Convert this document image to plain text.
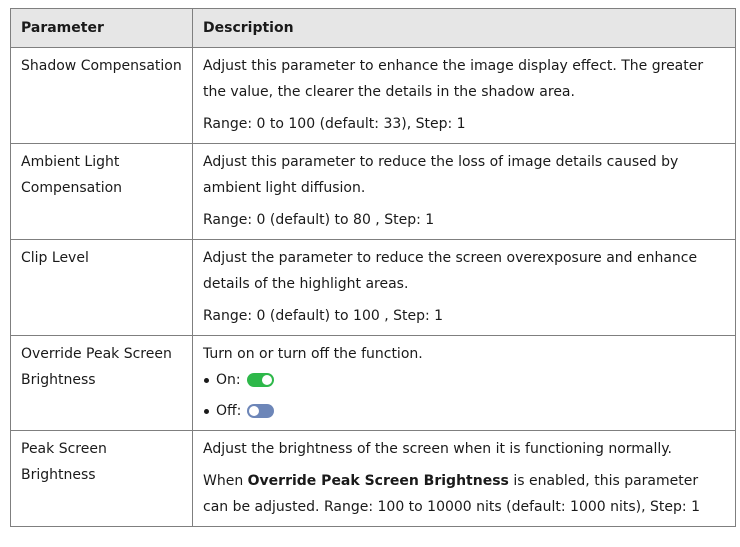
Parameter	Description
Shadow Compensation	Adjust this parameter to enhance the image display effect. The greater the value, the clearer the details in the shadow area.

Range: 0 to 100 (default: 33), Step: 1

Ambient Light Compensation	Adjust this parameter to reduce the loss of image details caused by ambient light diffusion.

Range: 0 (default) to 80 , Step: 1

Clip Level	Adjust the parameter to reduce the screen overexposure and enhance details of the highlight areas.

Range: 0 (default) to 100 , Step: 1

Override Peak Screen Brightness	Turn on or turn off the function.

On:
Off:

Peak Screen Brightness	Adjust the brightness of the screen when it is functioning normally.

When Override Peak Screen Brightness is enabled, this parameter can be adjusted. Range: 100 to 10000 nits (default: 1000 nits), Step: 1
